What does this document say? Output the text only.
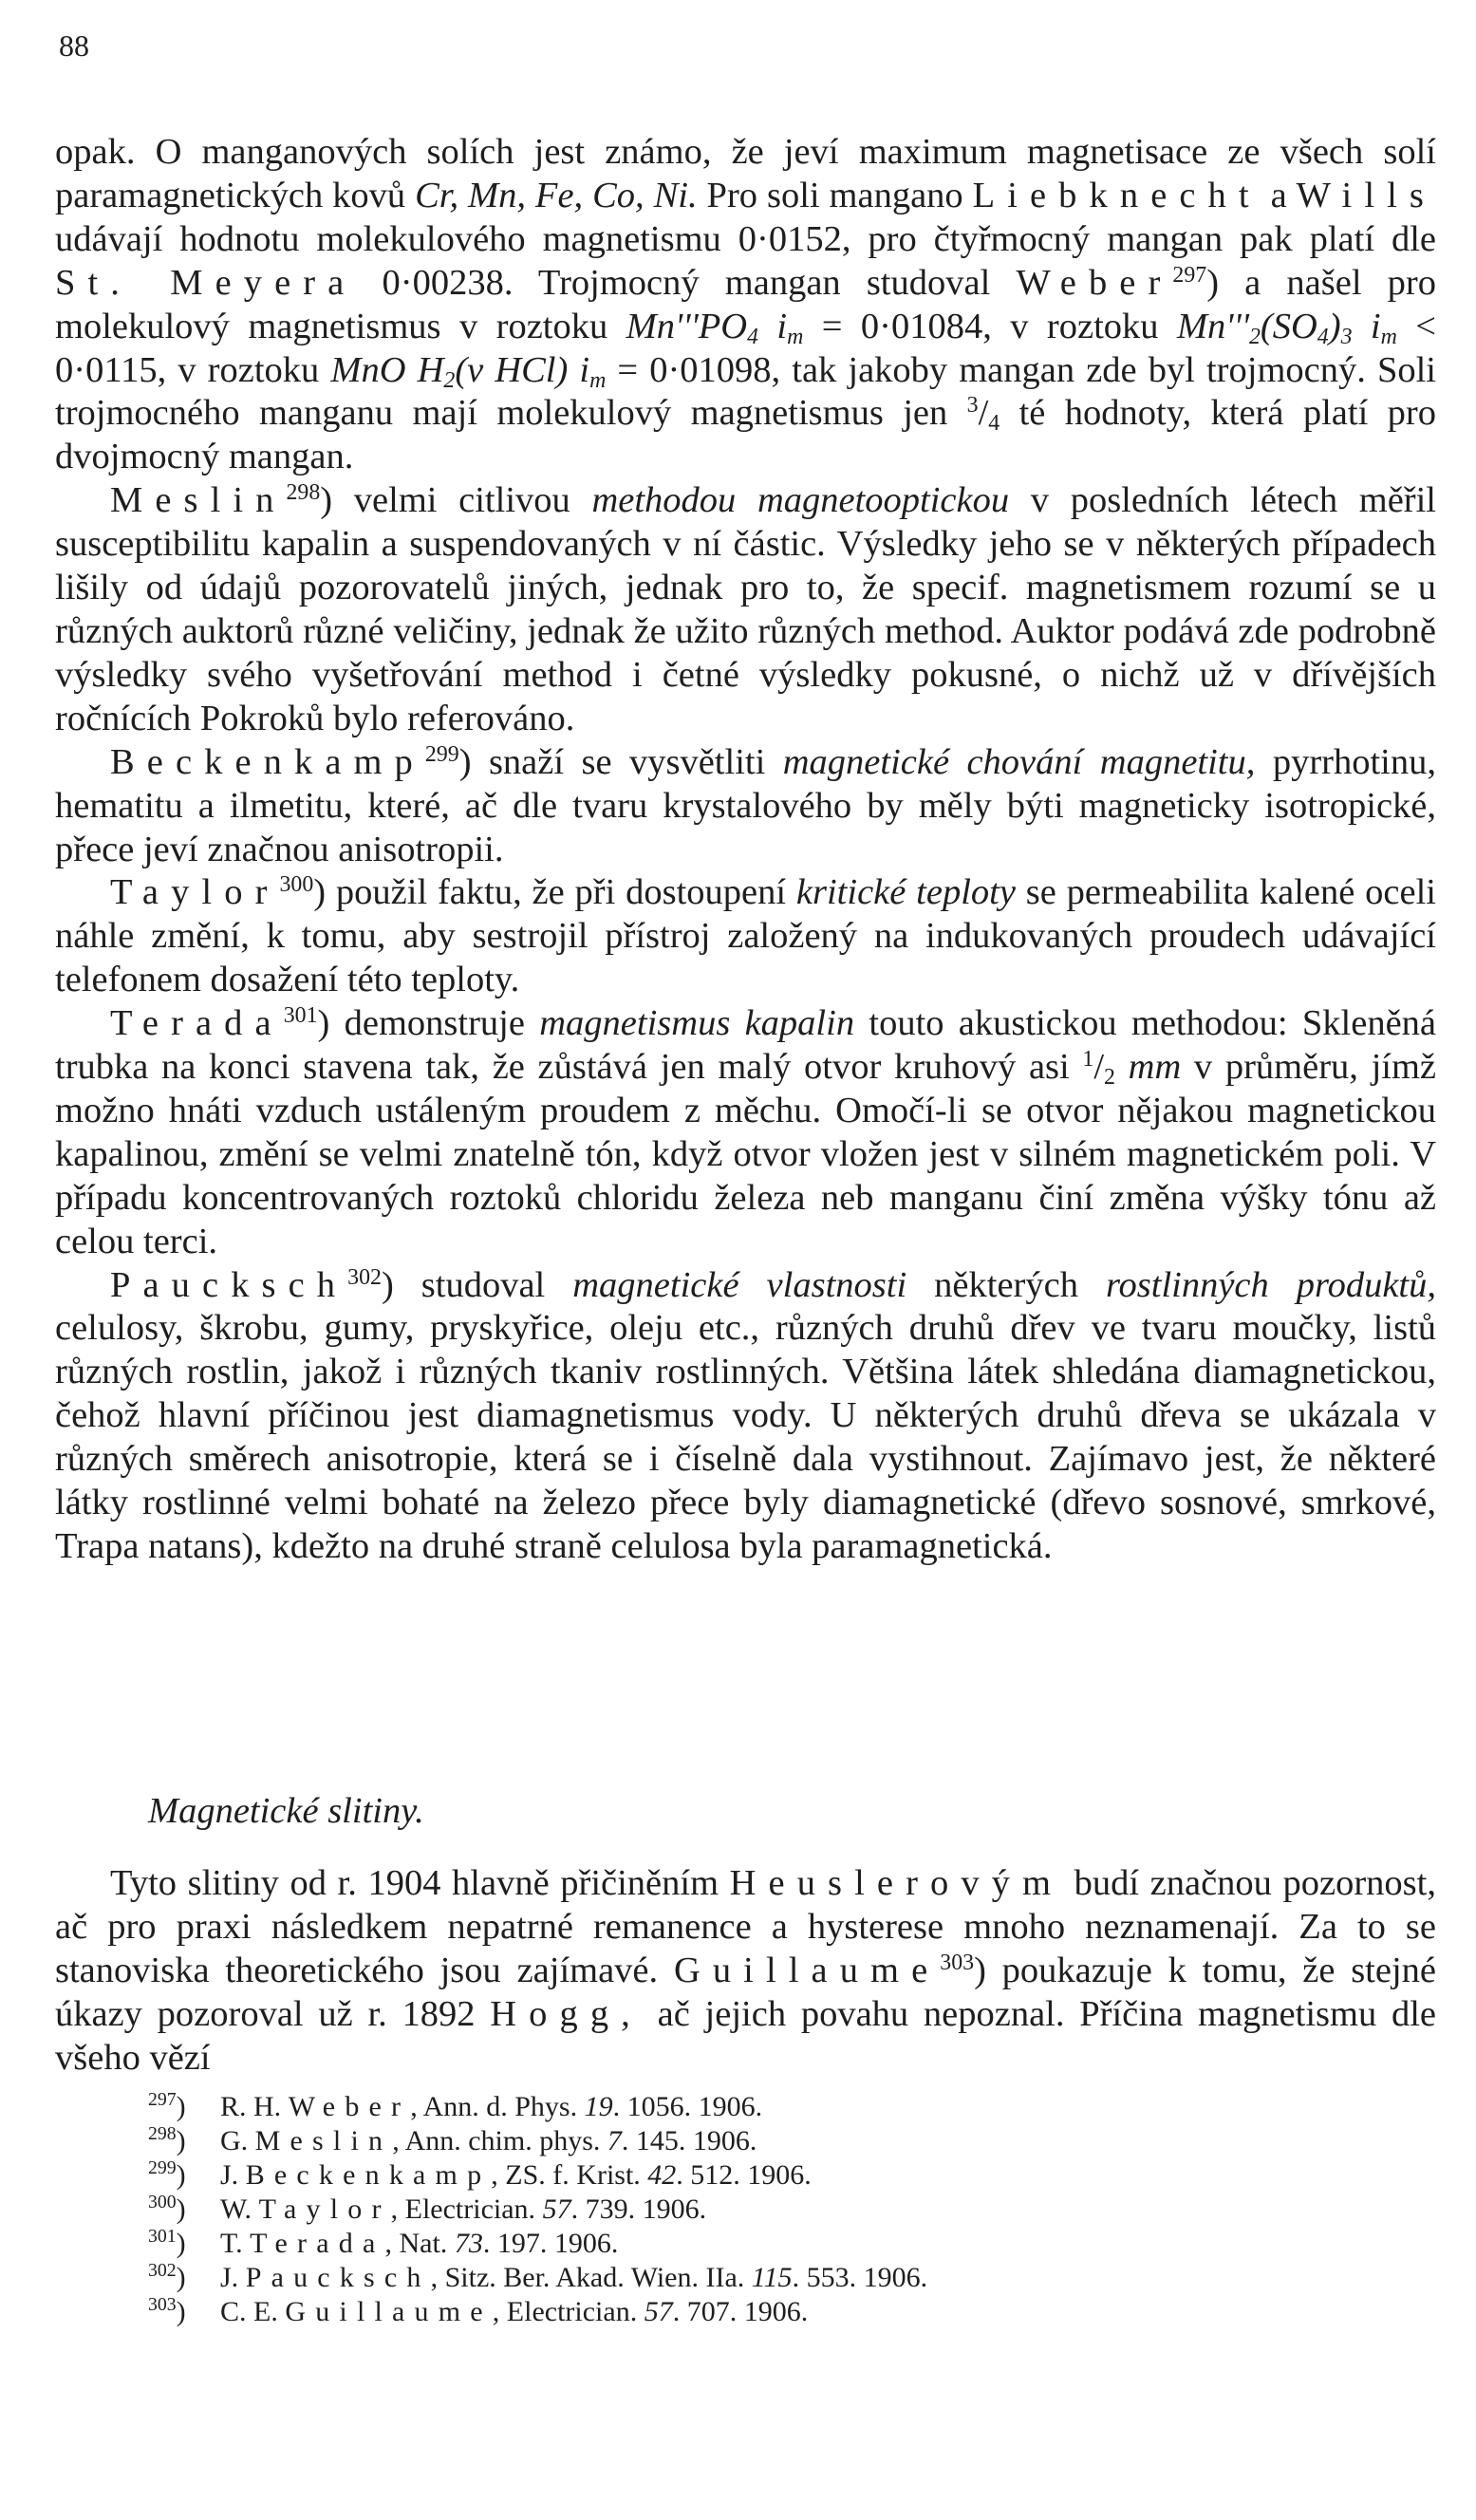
88

opak. O manganových solích jest známo, že jeví maximum magnetisace ze všech solí paramagnetických kovů Cr, Mn, Fe, Co, Ni. Pro soli mangano Liebknecht a Wills udávají hodnotu molekulového magnetismu 0·0152, pro čtyřmocný mangan pak platí dle St. Meyera 0·00238. Trojmocný mangan studoval Weber$^{297}$) a našel pro molekulový magnetismus v roztoku $Mn'''PO_4$ $i_m = 0\cdot 01084$, v roztoku $Mn'''_2(SO_4)_3$ $i_m < 0\cdot 0115$, v roztoku MnO $H_2(v$ HCl) $i_m = 0\cdot 01098$, tak jakoby mangan zde byl trojmocný. Soli trojmocného manganu mají molekulový magnetismus jen $^3/_4$ té hodnoty, která platí pro dvojmocný mangan.

Meslin$^{298}$) velmi citlivou methodou magnetooptickou v posledních létech měřil susceptibilitu kapalin a suspendovaných v ní částic. Výsledky jeho se v některých případech lišily od údajů pozorovatelů jiných, jednak pro to, že specif. magnetismem rozumí se u různých auktorů různé veličiny, jednak že užito různých method. Auktor podává zde podrobně výsledky svého vyšetřování method i četné výsledky pokusné, o nichž už v dřívějších ročnících Pokroků bylo referováno.

Beckenkamp$^{299}$) snaží se vysvětliti magnetické chování magnetitu, pyrrhotinu, hematitu a ilmetitu, které, ač dle tvaru krystalového by měly býti magneticky isotropické, přece jeví značnou anisotropii.

Taylor$^{300}$) použil faktu, že při dostoupení kritické teploty se permeabilita kalené oceli náhle změní, k tomu, aby sestrojil přístroj založený na indukovaných proudech udávající telefonem dosažení této teploty.

Terada$^{301}$) demonstruje magnetismus kapalin touto akustickou methodou: Skleněná trubka na konci stavena tak, že zůstává jen malý otvor kruhový asi $^1/_2$ mm v průměru, jímž možno hnáti vzduch ustáleným proudem z měchu. Omočí-li se otvor nějakou magnetickou kapalinou, změní se velmi znatelně tón, když otvor vložen jest v silném magnetickém poli. V případu koncentrovaných roztoků chloridu železa neb manganu činí změna výšky tónu až celou terci.

Paucksch$^{302}$) studoval magnetické vlastnosti některých rostlinných produktů, celulosy, škrobu, gumy, pryskyřice, oleju etc., různých druhů dřev ve tvaru moučky, listů různých rostlin, jakož i různých tkaniv rostlinných. Většina látek shledána diamagnetickou, čehož hlavní příčinou jest diamagnetismus vody. U některých druhů dřeva se ukázala v různých směrech anisotropie, která se i číselně dala vystihnout. Zajímavo jest, že některé látky rostlinné velmi bohaté na železo přece byly diamagnetické (dřevo sosnové, smrkové, Trapa natans), kdežto na druhé straně celulosa byla paramagnetická.

Magnetické slitiny.

Tyto slitiny od r. 1904 hlavně přičiněním Heuslerovým budí značnou pozornost, ač pro praxi následkem nepatrné remanence a hysterese mnoho neznamenají. Za to se stanoviska theoretického jsou zajímavé. Guillaume$^{303}$) poukazuje k tomu, že stejné úkazy pozoroval už r. 1892 Hogg, ač jejich povahu nepoznal. Příčina magnetismu dle všeho vězí

$^{297}$) R. H. Weber, Ann. d. Phys. 19. 1056. 1906.
$^{298}$) G. Meslin, Ann. chim. phys. 7. 145. 1906.
$^{299}$) J. Beckenkamp, ZS. f. Krist. 42. 512. 1906.
$^{300}$) W. Taylor, Electrician. 57. 739. 1906.
$^{301}$) T. Terada, Nat. 73. 197. 1906.
$^{302}$) J. Paucksch, Sitz. Ber. Akad. Wien. IIa. 115. 553. 1906.
$^{303}$) C. E. Guillaume, Electrician. 57. 707. 1906.
